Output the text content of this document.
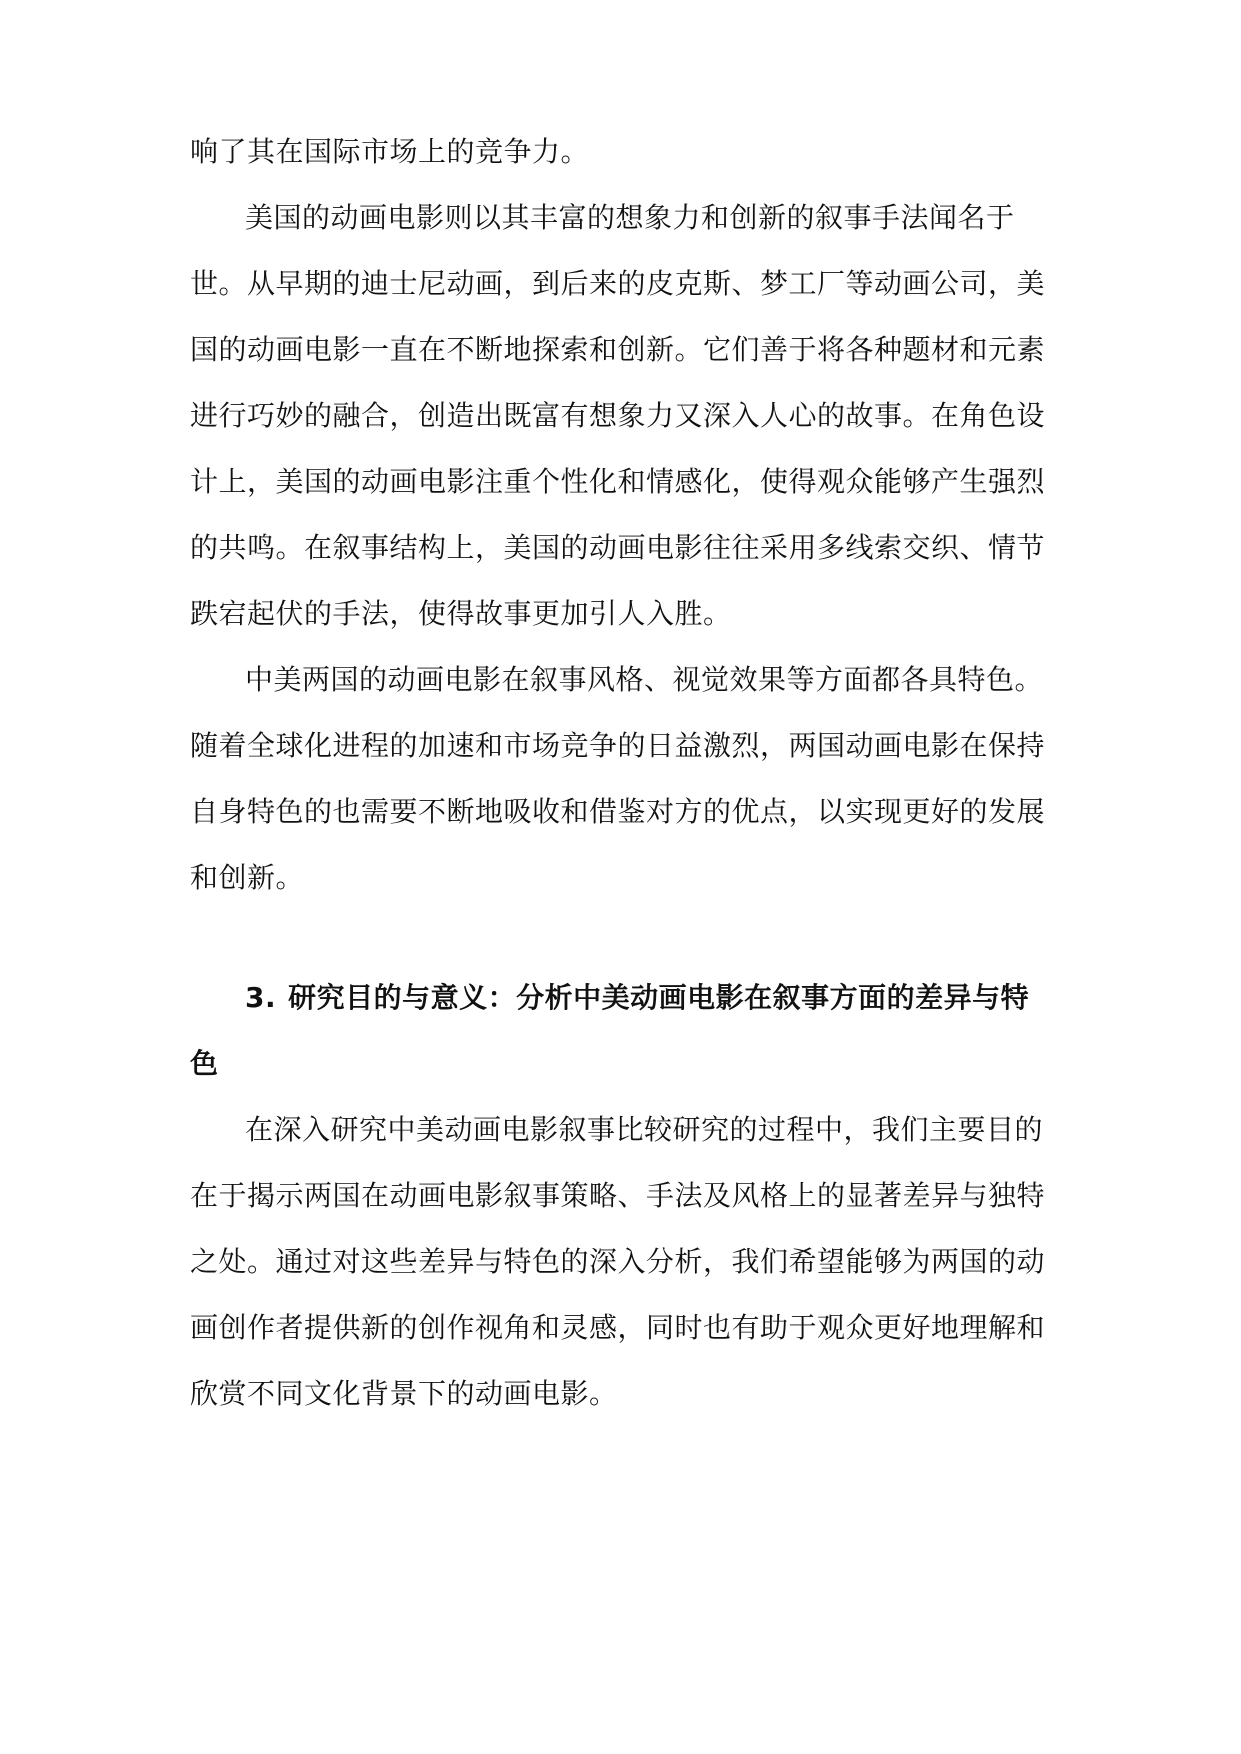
响了其在国际市场上的竞争力。
美国的动画电影则以其丰富的想象力和创新的叙事手法闻名于
世。从早期的迪士尼动画，到后来的皮克斯、梦工厂等动画公司，美
国的动画电影一直在不断地探索和创新。它们善于将各种题材和元素
进行巧妙的融合，创造出既富有想象力又深入人心的故事。在角色设
计上，美国的动画电影注重个性化和情感化，使得观众能够产生强烈
的共鸣。在叙事结构上，美国的动画电影往往采用多线索交织、情节
跌宕起伏的手法，使得故事更加引人入胜。
中美两国的动画电影在叙事风格、视觉效果等方面都各具特色。
随着全球化进程的加速和市场竞争的日益激烈，两国动画电影在保持
自身特色的也需要不断地吸收和借鉴对方的优点，以实现更好的发展
和创新。
3. 研究目的与意义：分析中美动画电影在叙事方面的差异与特
色
在深入研究中美动画电影叙事比较研究的过程中，我们主要目的
在于揭示两国在动画电影叙事策略、手法及风格上的显著差异与独特
之处。通过对这些差异与特色的深入分析，我们希望能够为两国的动
画创作者提供新的创作视角和灵感，同时也有助于观众更好地理解和
欣赏不同文化背景下的动画电影。
